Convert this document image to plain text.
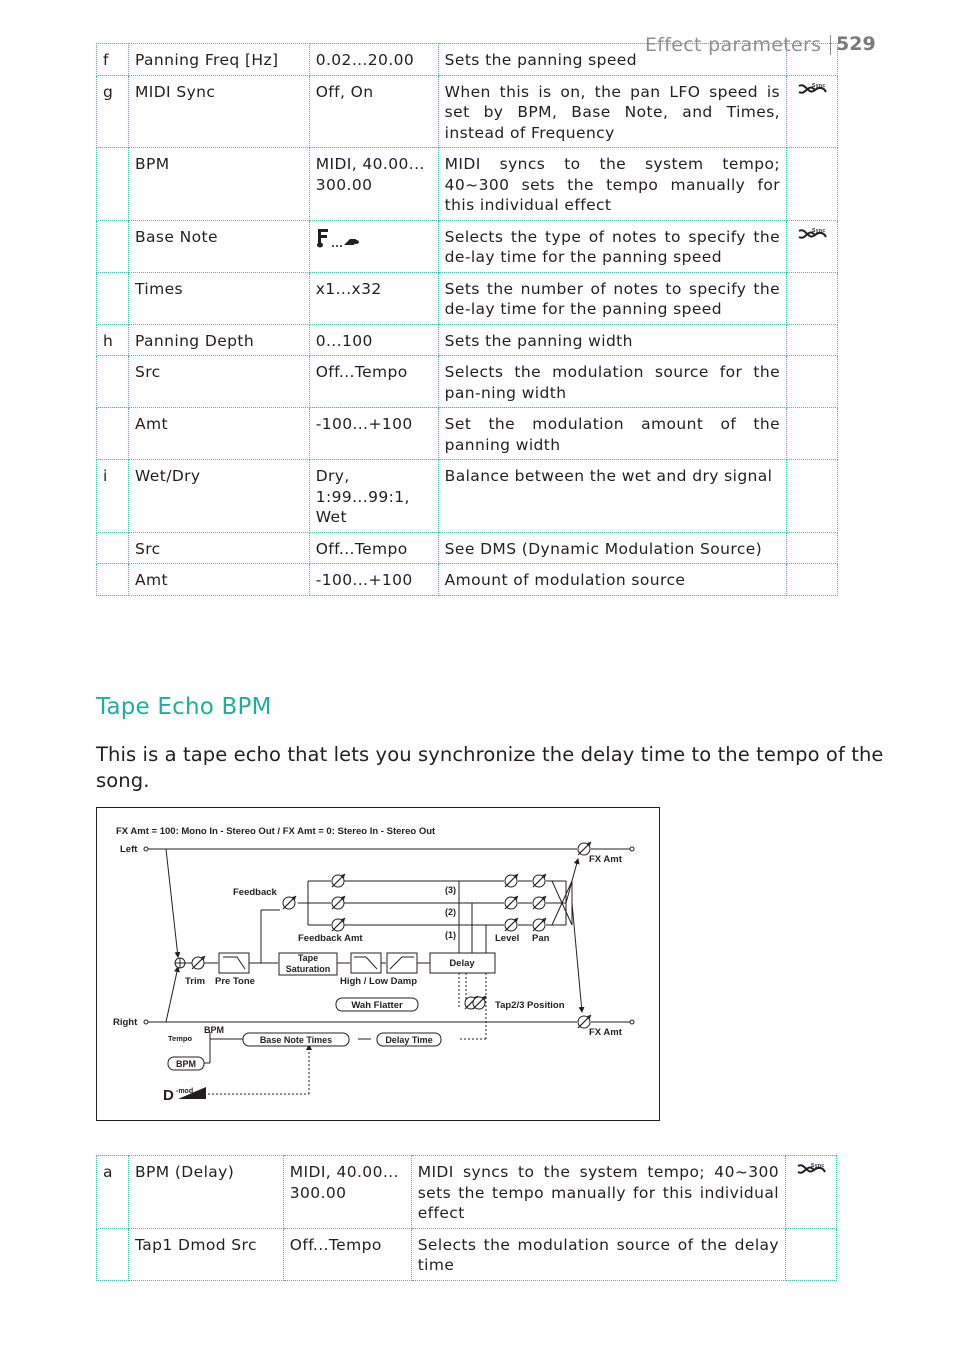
Effect parameters 529
f	Panning Freq [Hz]	0.02...20.00	Sets the panning speed	
g	MIDI Sync	Off, On	When this is on, the pan LFO speed is set by BPM, Base Note, and Times, instead of Frequency	Sync

	BPM	MIDI, 40.00... 300.00	MIDI syncs to the system tempo; 40~300 sets the tempo manually for this individual effect	
	Base Note		Selects the type of notes to specify the de-lay time for the panning speed	Sync

	Times	x1...x32	Sets the number of notes to specify the de-lay time for the panning speed	
h	Panning Depth	0...100	Sets the panning width	
	Src	Off...Tempo	Selects the modulation source for the pan-ning width	
	Amt	-100...+100	Set the modulation amount of the panning width	
i	Wet/Dry	Dry, 1:99...99:1, Wet	Balance between the wet and dry signal	
	Src	Off...Tempo	See DMS (Dynamic Modulation Source)	
	Amt	-100...+100	Amount of modulation source	
Tape Echo BPM
This is a tape echo that lets you synchronize the delay time to the tempo of the song.
FX Amt = 100: Mono In - Stereo Out / FX Amt = 0: Stereo In - Stereo Out
Left
Right
Feedback
Feedback Amt
(3)
(2)
(1)	Level Pan
FX Amt
FX Amt
Trim Pre Tone
Tape
Saturation
High / Low Damp
Delay
Wah Flatter	Tap2/3 Position
Tempo
BPM
BPM
Base Note Times	Delay Time
D -mod
a	BPM (Delay)	MIDI, 40.00... 300.00	MIDI syncs to the system tempo; 40~300 sets the tempo manually for this individual effect	Sync

	Tap1 Dmod Src	Off...Tempo	Selects the modulation source of the delay time	
